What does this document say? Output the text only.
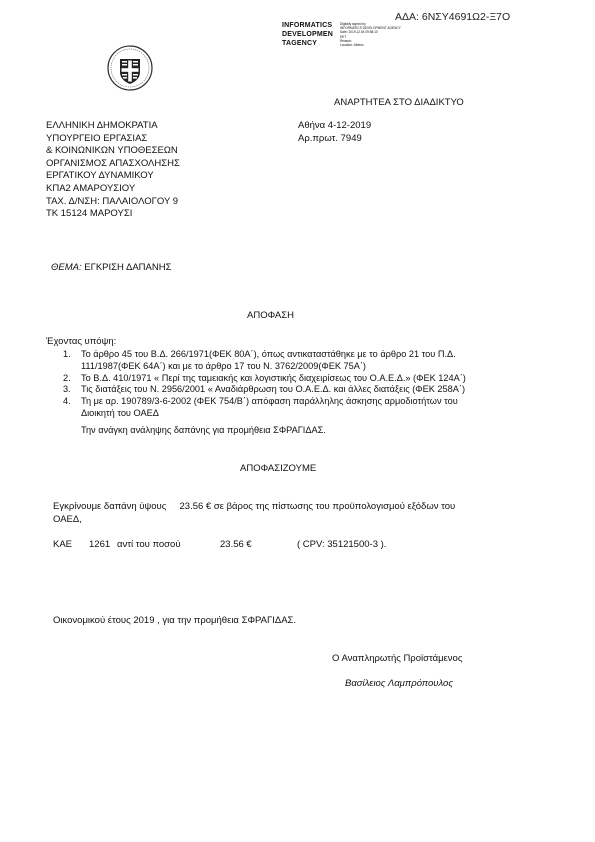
ΑΔΑ: 6ΝΣΥ4691Ω2-Ξ7Ο
INFORMATICS
DEVELOPMEN
TAGENCY
Digitally signed by
INFORMATICS DEVELOPMENT AGENCY
Date: 2019.12.04 09:58:10
EET
Reason:
Location: Athens
ΑΝΑΡΤΗΤΕΑ ΣΤΟ ΔΙΑΔΙΚΤΥΟ
ΕΛΛΗΝΙΚΗ ΔΗΜΟΚΡΑΤΙΑ
ΥΠΟΥΡΓΕΙΟ ΕΡΓΑΣΙΑΣ
& ΚΟΙΝΩΝΙΚΩΝ ΥΠΟΘΕΣΕΩΝ
ΟΡΓΑΝΙΣΜΟΣ ΑΠΑΣΧΟΛΗΣΗΣ
ΕΡΓΑΤΙΚΟΥ ΔΥΝΑΜΙΚΟΥ
ΚΠΑ2 ΑΜΑΡΟΥΣΙΟΥ
ΤΑΧ. Δ/ΝΣΗ: ΠΑΛΑΙΟΛΟΓΟΥ 9
ΤΚ 15124 ΜΑΡΟΥΣΙ
Αθήνα 4-12-2019
Αρ.πρωτ. 7949
ΘΕΜΑ: ΕΓΚΡΙΣΗ ΔΑΠΑΝΗΣ
ΑΠΟΦΑΣΗ
Έχοντας υπόψη:
1. Το άρθρο 45 του Β.Δ. 266/1971(ΦΕΚ 80Α΄), όπως αντικαταστάθηκε με το άρθρο 21 του Π.Δ.
111/1987(ΦΕΚ 64Α΄) και με το άρθρο 17 του Ν. 3762/2009(ΦΕΚ 75Α΄)
2. Το Β.Δ. 410/1971 « Περί της ταμειακής και λογιστικής διαχειρίσεως του Ο.Α.Ε.Δ.» (ΦΕΚ 124Α΄)
3. Τις διατάξεις του Ν. 2956/2001 « Αναδιάρθρωση του Ο.Α.Ε.Δ. και άλλες διατάξεις (ΦΕΚ 258Α΄)
4. Τη με αρ. 190789/3-6-2002 (ΦΕΚ 754/Β΄) απόφαση παράλληλης άσκησης αρμοδιοτήτων του
Διοικητή του ΟΑΕΔ
Την ανάγκη ανάληψης δαπάνης για προμήθεια ΣΦΡΑΓΙΔΑΣ.
ΑΠΟΦΑΣΙΖΟΥΜΕ
Εγκρίνουμε δαπάνη ύψους     23.56 € σε βάρος της πίστωσης του προϋπολογισμού εξόδων του
ΟΑΕΔ,
ΚΑΕ 1261 αντί του ποσού	23.56 €	( CPV: 35121500-3 ).
Οικονομικού έτους 2019 , για την προμήθεια ΣΦΡΑΓΙΔΑΣ.
Ο Αναπληρωτής Προϊστάμενος
Βασίλειος Λαμπρόπουλος
